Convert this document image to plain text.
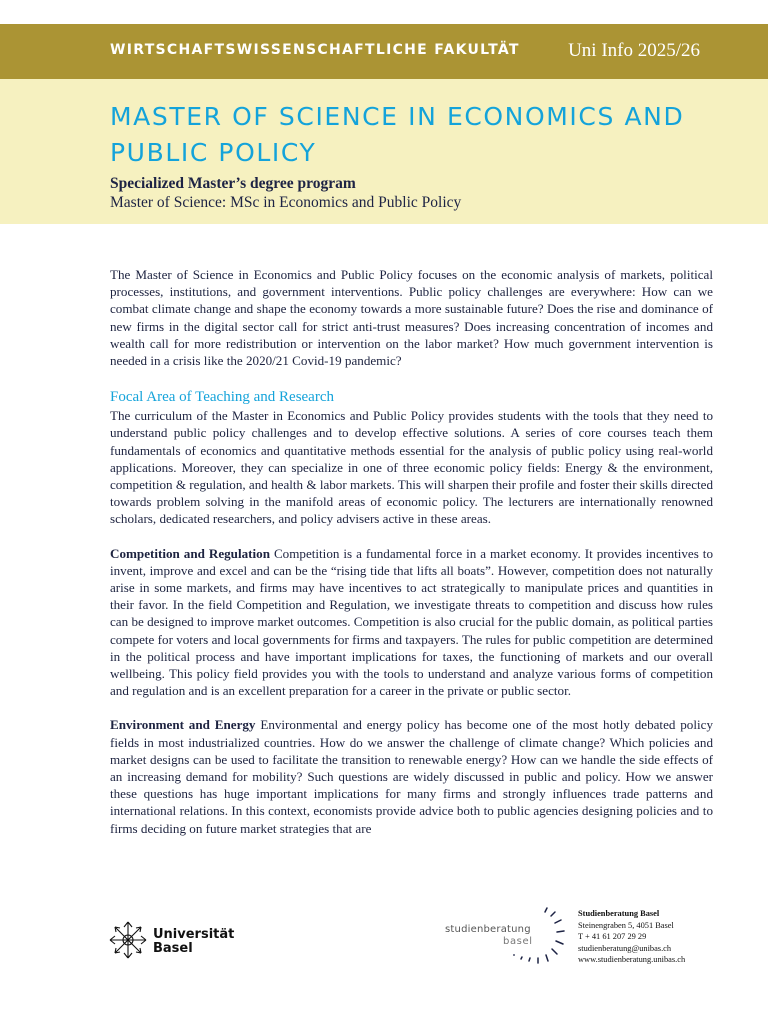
WIRTSCHAFTSWISSENSCHAFTLICHE FAKULTÄT	Uni Info 2025/26
MASTER OF SCIENCE IN ECONOMICS AND PUBLIC POLICY
Specialized Master’s degree program
Master of Science: MSc in Economics and Public Policy

The Master of Science in Economics and Public Policy focuses on the economic analysis of markets, political processes, institutions, and government interventions. Public policy challenges are everywhere: How can we combat climate change and shape the economy towards a more sustainable future? Does the rise and dominance of new firms in the digital sector call for strict anti-trust measures? Does increasing concentration of incomes and wealth call for more redistribution or intervention on the labor market? How much government intervention is needed in a crisis like the 2020/21 Covid-19 pandemic?

Focal Area of Teaching and Research

The curriculum of the Master in Economics and Public Policy provides students with the tools that they need to understand public policy challenges and to develop effective solutions. A series of core courses teach them fundamentals of economics and quantitative methods essential for the analysis of public policy using real-world applications. Moreover, they can specialize in one of three economic policy fields: Energy & the environment, competition & regulation, and health & labor markets. This will sharpen their profile and foster their skills directed towards problem solving in the manifold areas of economic policy. The lecturers are internationally renowned scholars, dedicated researchers, and policy advisers active in these areas.

Competition and Regulation Competition is a fundamental force in a market economy. It provides incentives to invent, improve and excel and can be the “rising tide that lifts all boats”. However, competition does not naturally arise in some markets, and firms may have incentives to act strategically to manipulate prices and quantities in their favor. In the field Competition and Regulation, we investigate threats to competition and discuss how rules can be designed to improve market outcomes. Competition is also crucial for the public domain, as political parties compete for voters and local governments for firms and taxpayers. The rules for public competition are determined in the political process and have important implications for taxes, the functioning of markets and our overall wellbeing. This policy field provides you with the tools to understand and analyze various forms of competition and regulation and is an excellent preparation for a career in the private or public sector.

Environment and Energy Environmental and energy policy has become one of the most hotly debated policy fields in most industrialized countries. How do we answer the challenge of climate change? Which policies and market designs can be used to facilitate the transition to renewable energy? How can we handle the side effects of an increasing demand for mobility? Such questions are widely discussed in public and policy. How we answer these questions has huge important implications for many firms and strongly influences trade patterns and international relations. In this context, economists provide advice both to public agencies designing policies and to firms deciding on future market strategies that are

Universität
Basel
studienberatung
basel
Studienberatung Basel
Steinengraben 5, 4051 Basel
T + 41 61 207 29 29
studienberatung@unibas.ch
www.studienberatung.unibas.ch
